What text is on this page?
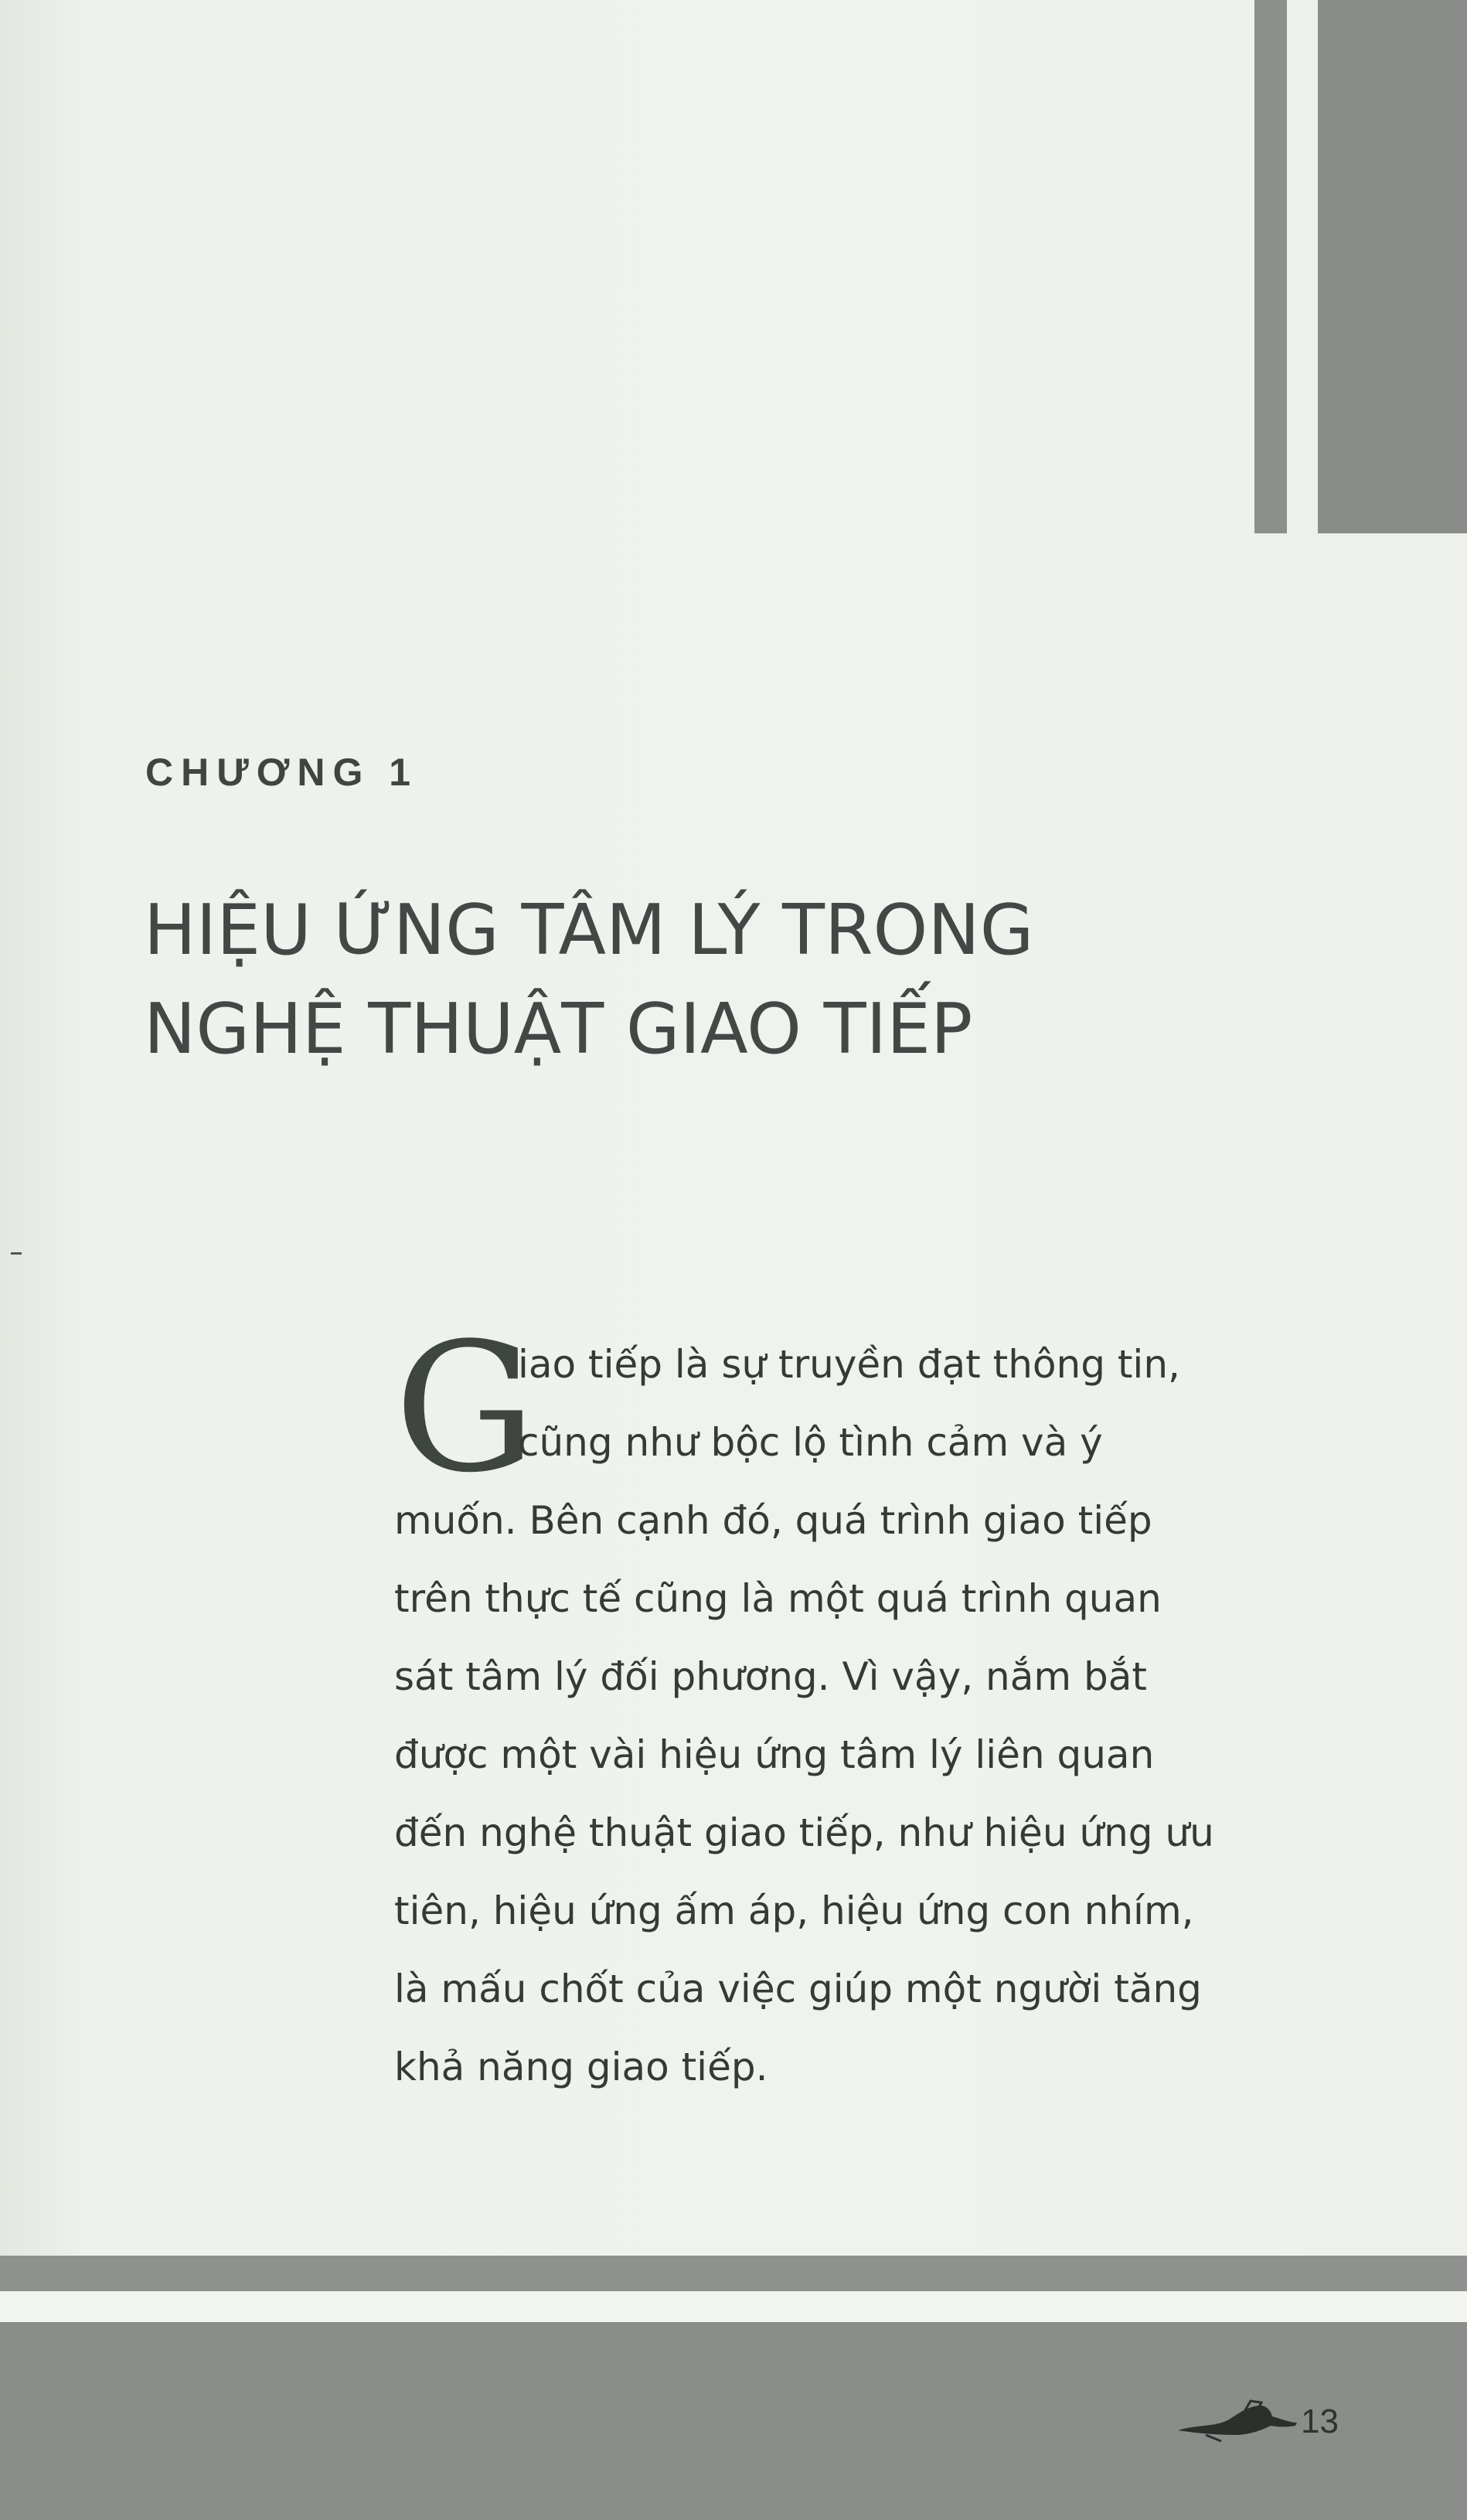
CHƯƠNG 1
HIỆU ỨNG TÂM LÝ TRONG
NGHỆ THUẬT GIAO TIẾP
G

iao tiếp là sự truyền đạt thông tin,
cũng như bộc lộ tình cảm và ý
muốn. Bên cạnh đó, quá trình giao tiếp
trên thực tế cũng là một quá trình quan
sát tâm lý đối phương. Vì vậy, nắm bắt
được một vài hiệu ứng tâm lý liên quan
đến nghệ thuật giao tiếp, như hiệu ứng ưu
tiên, hiệu ứng ấm áp, hiệu ứng con nhím,
là mấu chốt của việc giúp một người tăng
khả năng giao tiếp.

13
